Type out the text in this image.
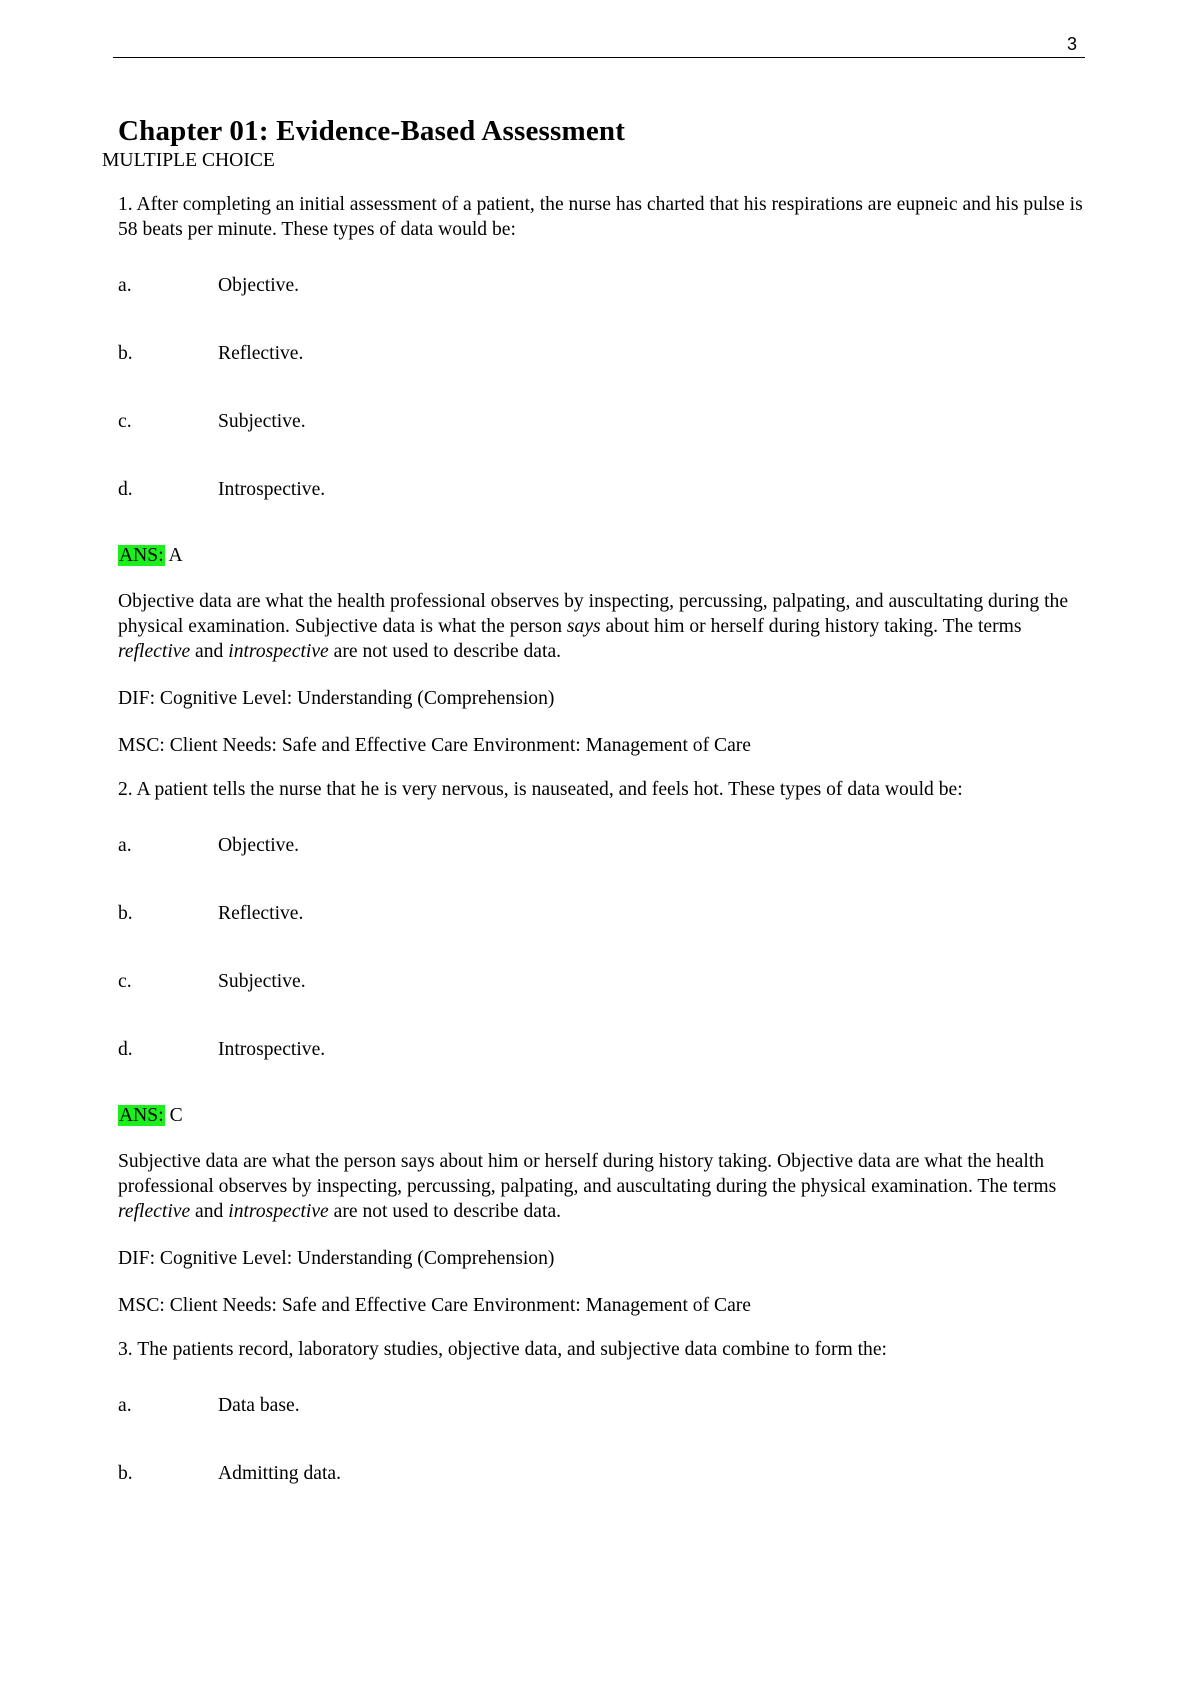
3
Chapter 01: Evidence-Based Assessment

MULTIPLE CHOICE

1. After completing an initial assessment of a patient, the nurse has charted that his respirations are eupneic and his pulse is 58 beats per minute. These types of data would be:

a.	Objective.
b.	Reflective.
c.	Subjective.
d.	Introspective.

ANS: A

Objective data are what the health professional observes by inspecting, percussing, palpating, and auscultating during the physical examination. Subjective data is what the person says about him or herself during history taking. The terms reflective and introspective are not used to describe data.

DIF: Cognitive Level: Understanding (Comprehension)

MSC: Client Needs: Safe and Effective Care Environment: Management of Care

2. A patient tells the nurse that he is very nervous, is nauseated, and feels hot. These types of data would be:

a.	Objective.
b.	Reflective.
c.	Subjective.
d.	Introspective.

ANS: C

Subjective data are what the person says about him or herself during history taking. Objective data are what the health professional observes by inspecting, percussing, palpating, and auscultating during the physical examination. The terms reflective and introspective are not used to describe data.

DIF: Cognitive Level: Understanding (Comprehension)

MSC: Client Needs: Safe and Effective Care Environment: Management of Care

3. The patients record, laboratory studies, objective data, and subjective data combine to form the:

a.	Data base.
b.	Admitting data.
